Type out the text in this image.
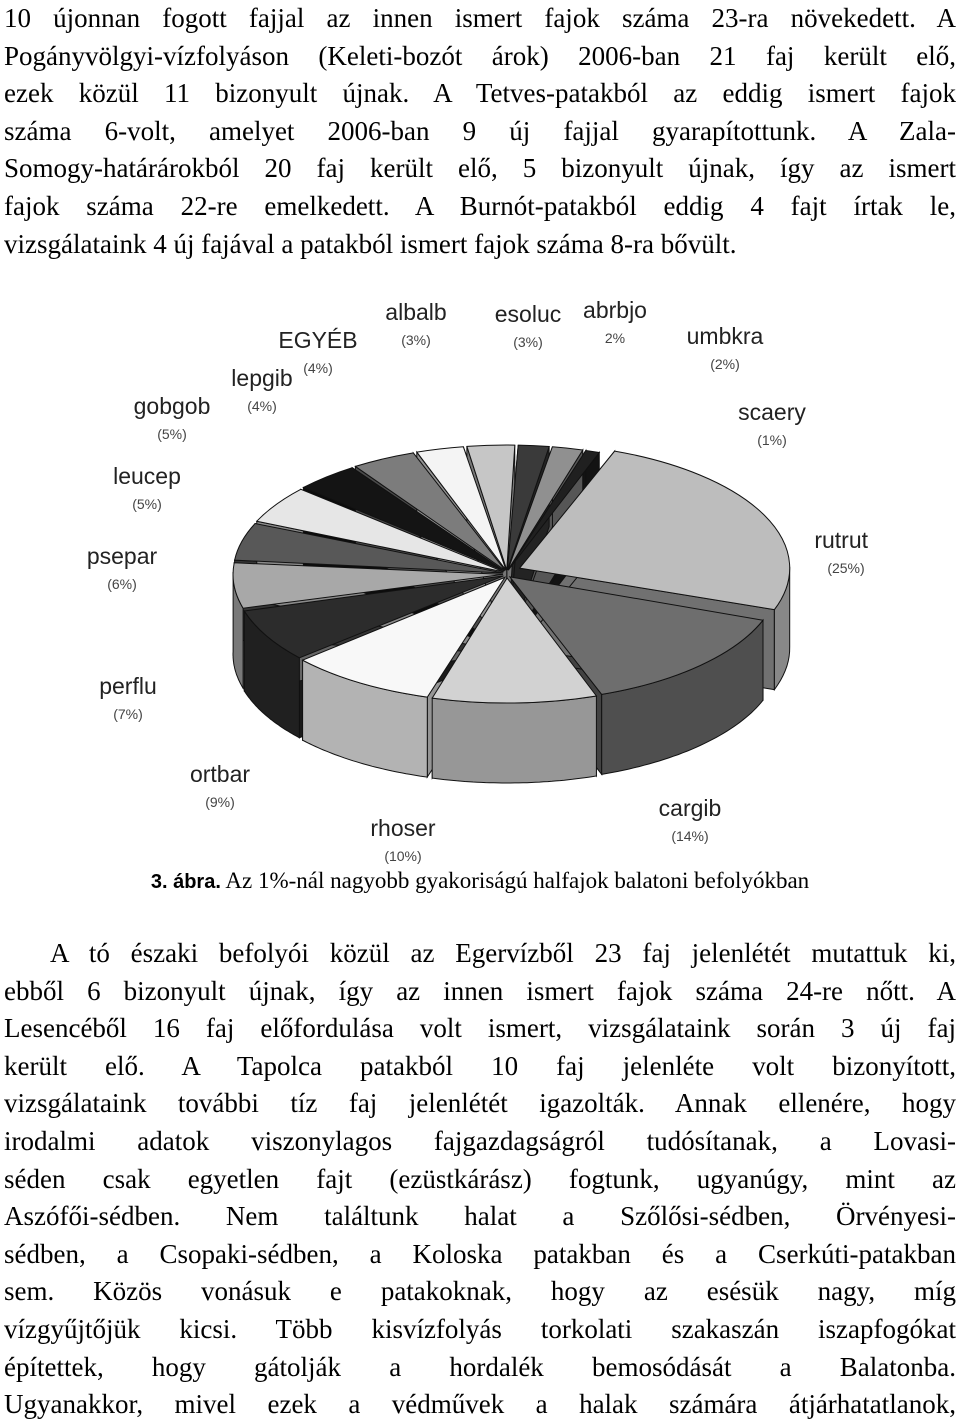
10 újonnan fogott fajjal az innen ismert fajok száma 23-ra növekedett. A
Pogányvölgyi-vízfolyáson (Keleti-bozót árok) 2006-ban 21 faj került elő,
ezek közül 11 bizonyult újnak. A Tetves-patakból az eddig ismert fajok
száma 6-volt, amelyet 2006-ban 9 új fajjal gyarapítottunk. A Zala-
Somogy-határárokból 20 faj került elő, 5 bizonyult újnak, így az ismert
fajok száma 22-re emelkedett. A Burnót-patakból eddig 4 fajt írtak le,
vizsgálataink 4 új fajával a patakból ismert fajok száma 8-ra bővült.
rutrut
(25%)
cargib
(14%)
rhoser
(10%)
ortbar
(9%)
perflu
(7%)
psepar
(6%)
leucep
(5%)
gobgob
(5%)
lepgib
(4%)
EGYÉB
(4%)
albalb
(3%)
esoluc
(3%)
abrbjo
2%	umbkra
(2%)
scaery
(1%)
3. ábra. Az 1%-nál nagyobb gyakoriságú halfajok balatoni befolyókban
A tó északi befolyói közül az Egervízből 23 faj jelenlétét mutattuk ki,
ebből 6 bizonyult újnak, így az innen ismert fajok száma 24-re nőtt. A
Lesencéből 16 faj előfordulása volt ismert, vizsgálataink során 3 új faj
került elő. A Tapolca patakból 10 faj jelenléte volt bizonyított,
vizsgálataink további tíz faj jelenlétét igazolták. Annak ellenére, hogy
irodalmi adatok viszonylagos fajgazdagságról tudósítanak, a Lovasi-
séden csak egyetlen fajt (ezüstkárász) fogtunk, ugyanúgy, mint az
Aszófői-sédben. Nem találtunk halat a Szőlősi-sédben, Örvényesi-
sédben, a Csopaki-sédben, a Koloska patakban és a Cserkúti-patakban
sem. Közös vonásuk e patakoknak, hogy az esésük nagy, míg
vízgyűjtőjük kicsi. Több kisvízfolyás torkolati szakaszán iszapfogókat
építettek, hogy gátolják a hordalék bemosódását a Balatonba.
Ugyanakkor, mivel ezek a védművek a halak számára átjárhatatlanok,
